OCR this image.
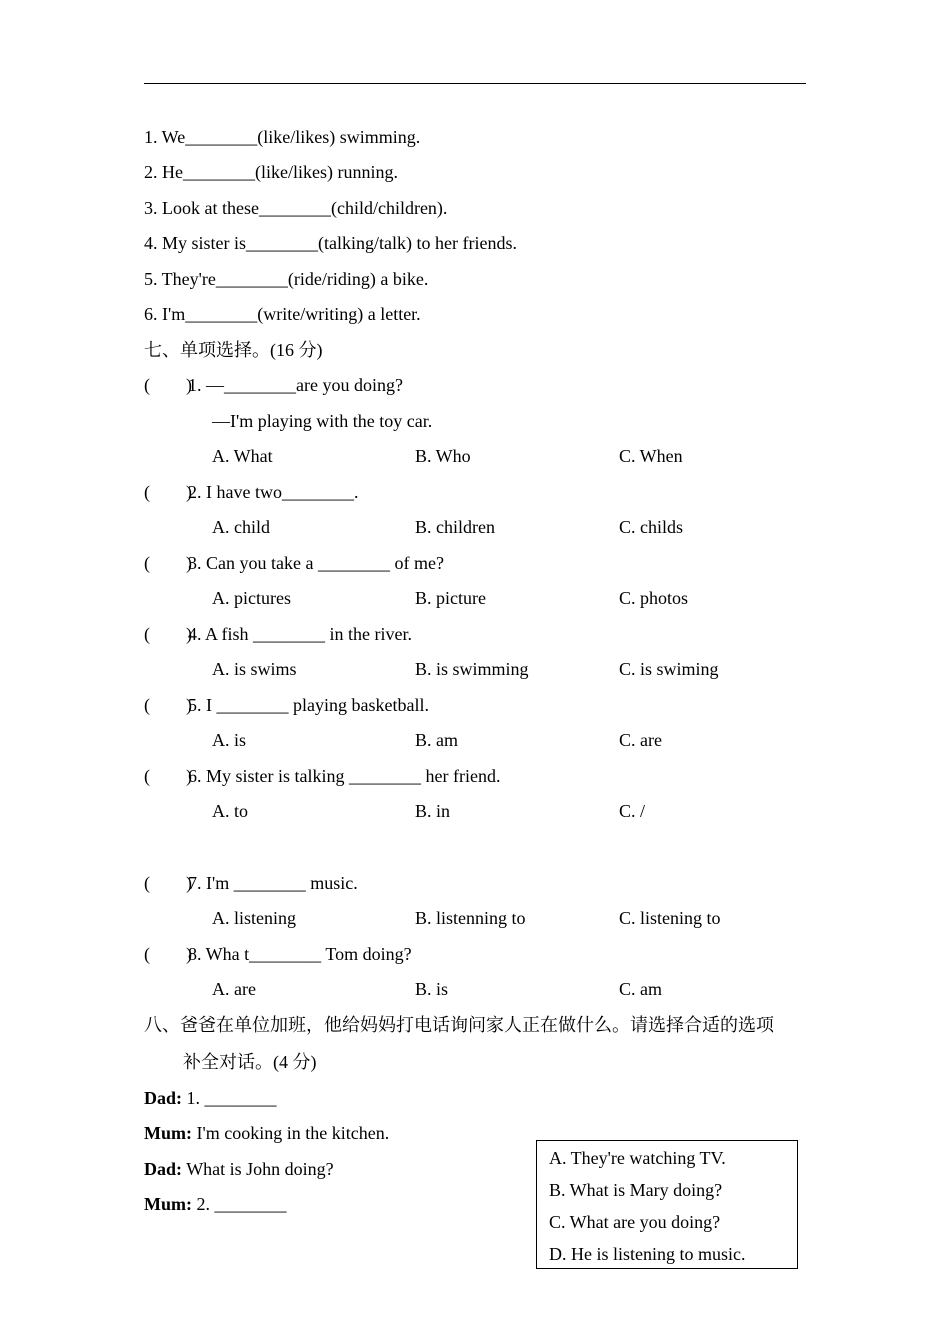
1. We________(like/likes) swimming.
2. He________(like/likes) running.
3. Look at these________(child/children).
4. My sister is________(talking/talk) to her friends.
5. They're________(ride/riding) a bike.
6. I'm________(write/writing) a letter.
七、单项选择。(16 分)
(        )
1. —________are you doing?
—I'm playing with the toy car.
A. What	B. Who	C. When
(        )
2. I have two________.
A. child	B. children	C. childs
(        )
3. Can you take a ________ of me?
A. pictures	B. picture	C. photos
(        )
4. A fish ________ in the river.
A. is swims	B. is swimming	C. is swiming
(        )
5. I ________ playing basketball.
A. is	B. am	C. are
(        )
6. My sister is talking ________ her friend.
A. to	B. in	C. /
(        )
7. I'm ________ music.
A. listening	B. listenning to	C. listening to
(        )
8. Wha t________ Tom doing?
A. are	B. is	C. am
八、爸爸在单位加班，他给妈妈打电话询问家人正在做什么。请选择合适的选项
补全对话。(4 分)
Dad: 1. ________
Mum: I'm cooking in the kitchen.
Dad: What is John doing?
Mum: 2. ________
A. They're watching TV.
B. What is Mary doing?
C. What are you doing?
D. He is listening to music.
